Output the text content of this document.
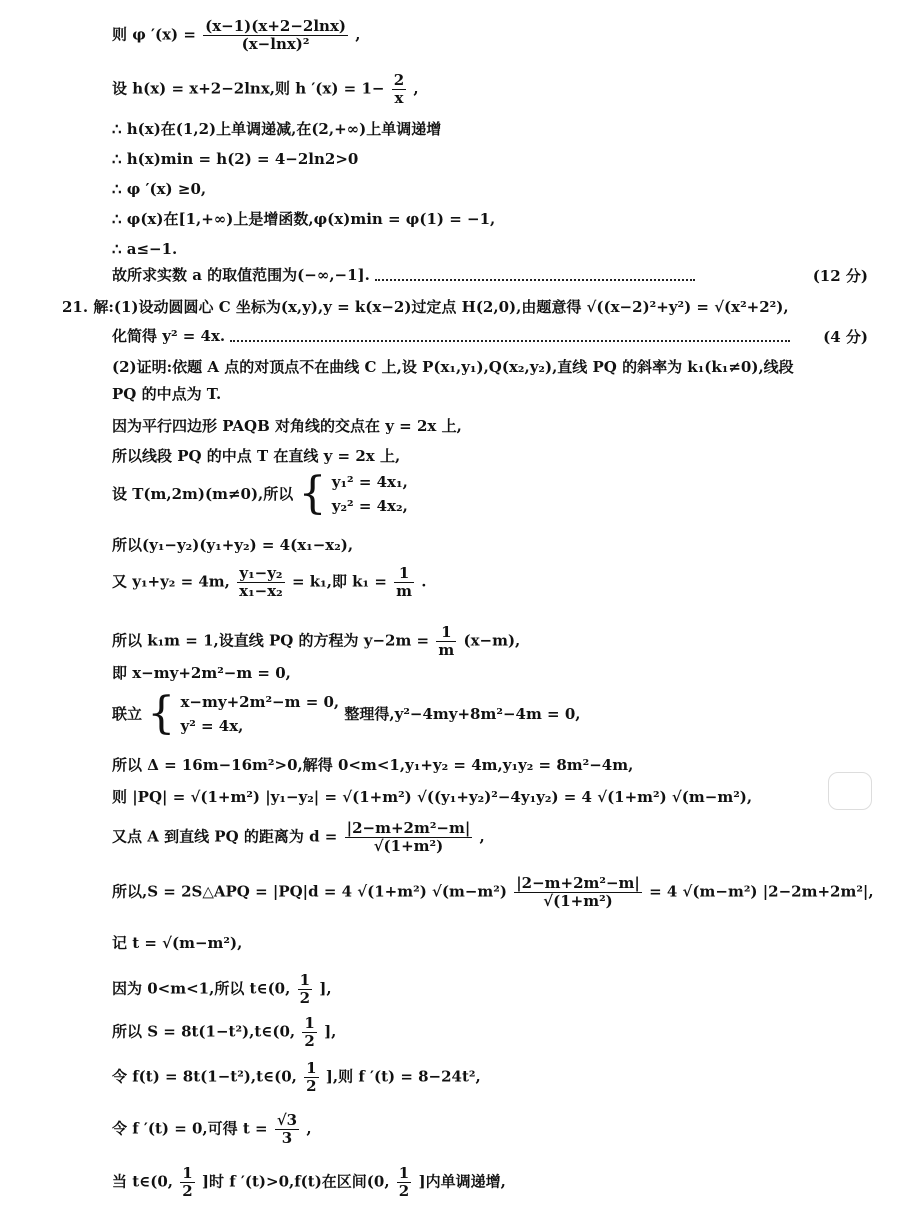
则 φ $'(x) = \frac{(x-1)(x+2-2\ln x)}{\text{(x−lnx)²}}$ ,
设 h(x) = x+2−2lnx,则 h $'(x) = 1- \frac{2}{x}$ ,
∴ h(x)在(1,2)上单调递减,在(2,+∞)上单调递增
∴ h(x)min = h(2) = 4−2ln2>0
∴ φ ′(x) ≥0,
∴ φ(x)在[1,+∞)上是增函数,φ(x)min = φ(1) = −1,
∴ a≤−1.
故所求实数 a 的取值范围为(−∞,−1].	(12 分)
21. 解:(1)设动圆圆心 C 坐标为(x,y),y = k(x−2)过定点 H(2,0),由题意得 √((x−2)²+y²) = √(x²+2²),
化简得 y² = 4x.	(4 分)
(2)证明:依题 A 点的对顶点不在曲线 C 上,设 P(x₁,y₁),Q(x₂,y₂),直线 PQ 的斜率为 k₁(k₁≠0),线段
PQ 的中点为 T.
因为平行四边形 PAQB 对角线的交点在 y = 2x 上,
所以线段 PQ 的中点 T 在直线 y = 2x 上,
设 T(m,2m)(m≠0),所以 { y₁² = 4x₁,
y₂² = 4x₂,
所以(y₁−y₂)(y₁+y₂) = 4(x₁−x₂),
又 y₁+y₂ = 4m, $\frac{\text{y₁−y₂}}{\text{x₁−x₂}} = k_1$,即 $k_1 = \frac{1}{m}$ .
所以 k₁m = 1,设直线 PQ 的方程为 $y-2m = \frac{1}{m} (x-m)$,
即 x−my+2m²−m = 0,
联立 { x−my+2m²−m = 0,
y² = 4x, 整理得,y²−4my+8m²−4m = 0,
所以 Δ = 16m−16m²>0,解得 0<m<1,y₁+y₂ = 4m,y₁y₂ = 8m²−4m,
则 |PQ| = √(1+m²) |y₁−y₂| = √(1+m²) √((y₁+y₂)²−4y₁y₂) = 4 √(1+m²) √(m−m²),
又点 A 到直线 PQ 的距离为 $d = \frac{\text{|2−m+2m²−m|}}{\text{√(1+m²)}}$ ,
所以,S = 2S△APQ = |PQ|d = 4 √(1+m²) $√(m-m^2) \frac{\text{|2−m+2m²−m|}}{\text{√(1+m²)}} = 4$ √(m−m²) |2−2m+2m²|,
记 t = √(m−m²),
因为 0<m<1,所以 t∈(0, $\frac{1}{2}$ ],
所以 S = 8t(1−t²),t∈(0, $\frac{1}{2}$ ],
令 f(t) = 8t(1−t²),t∈(0, $\frac{1}{2}$ ],则 f ′(t) = 8−24t²,
令 f ′(t) = 0,可得 $t = \frac{√3}{3}$ ,
当 t∈(0, $\frac{1}{2}$ ]时 f ′(t)>0,f(t)在区间(0, $\frac{1}{2}$ ]内单调递增,
